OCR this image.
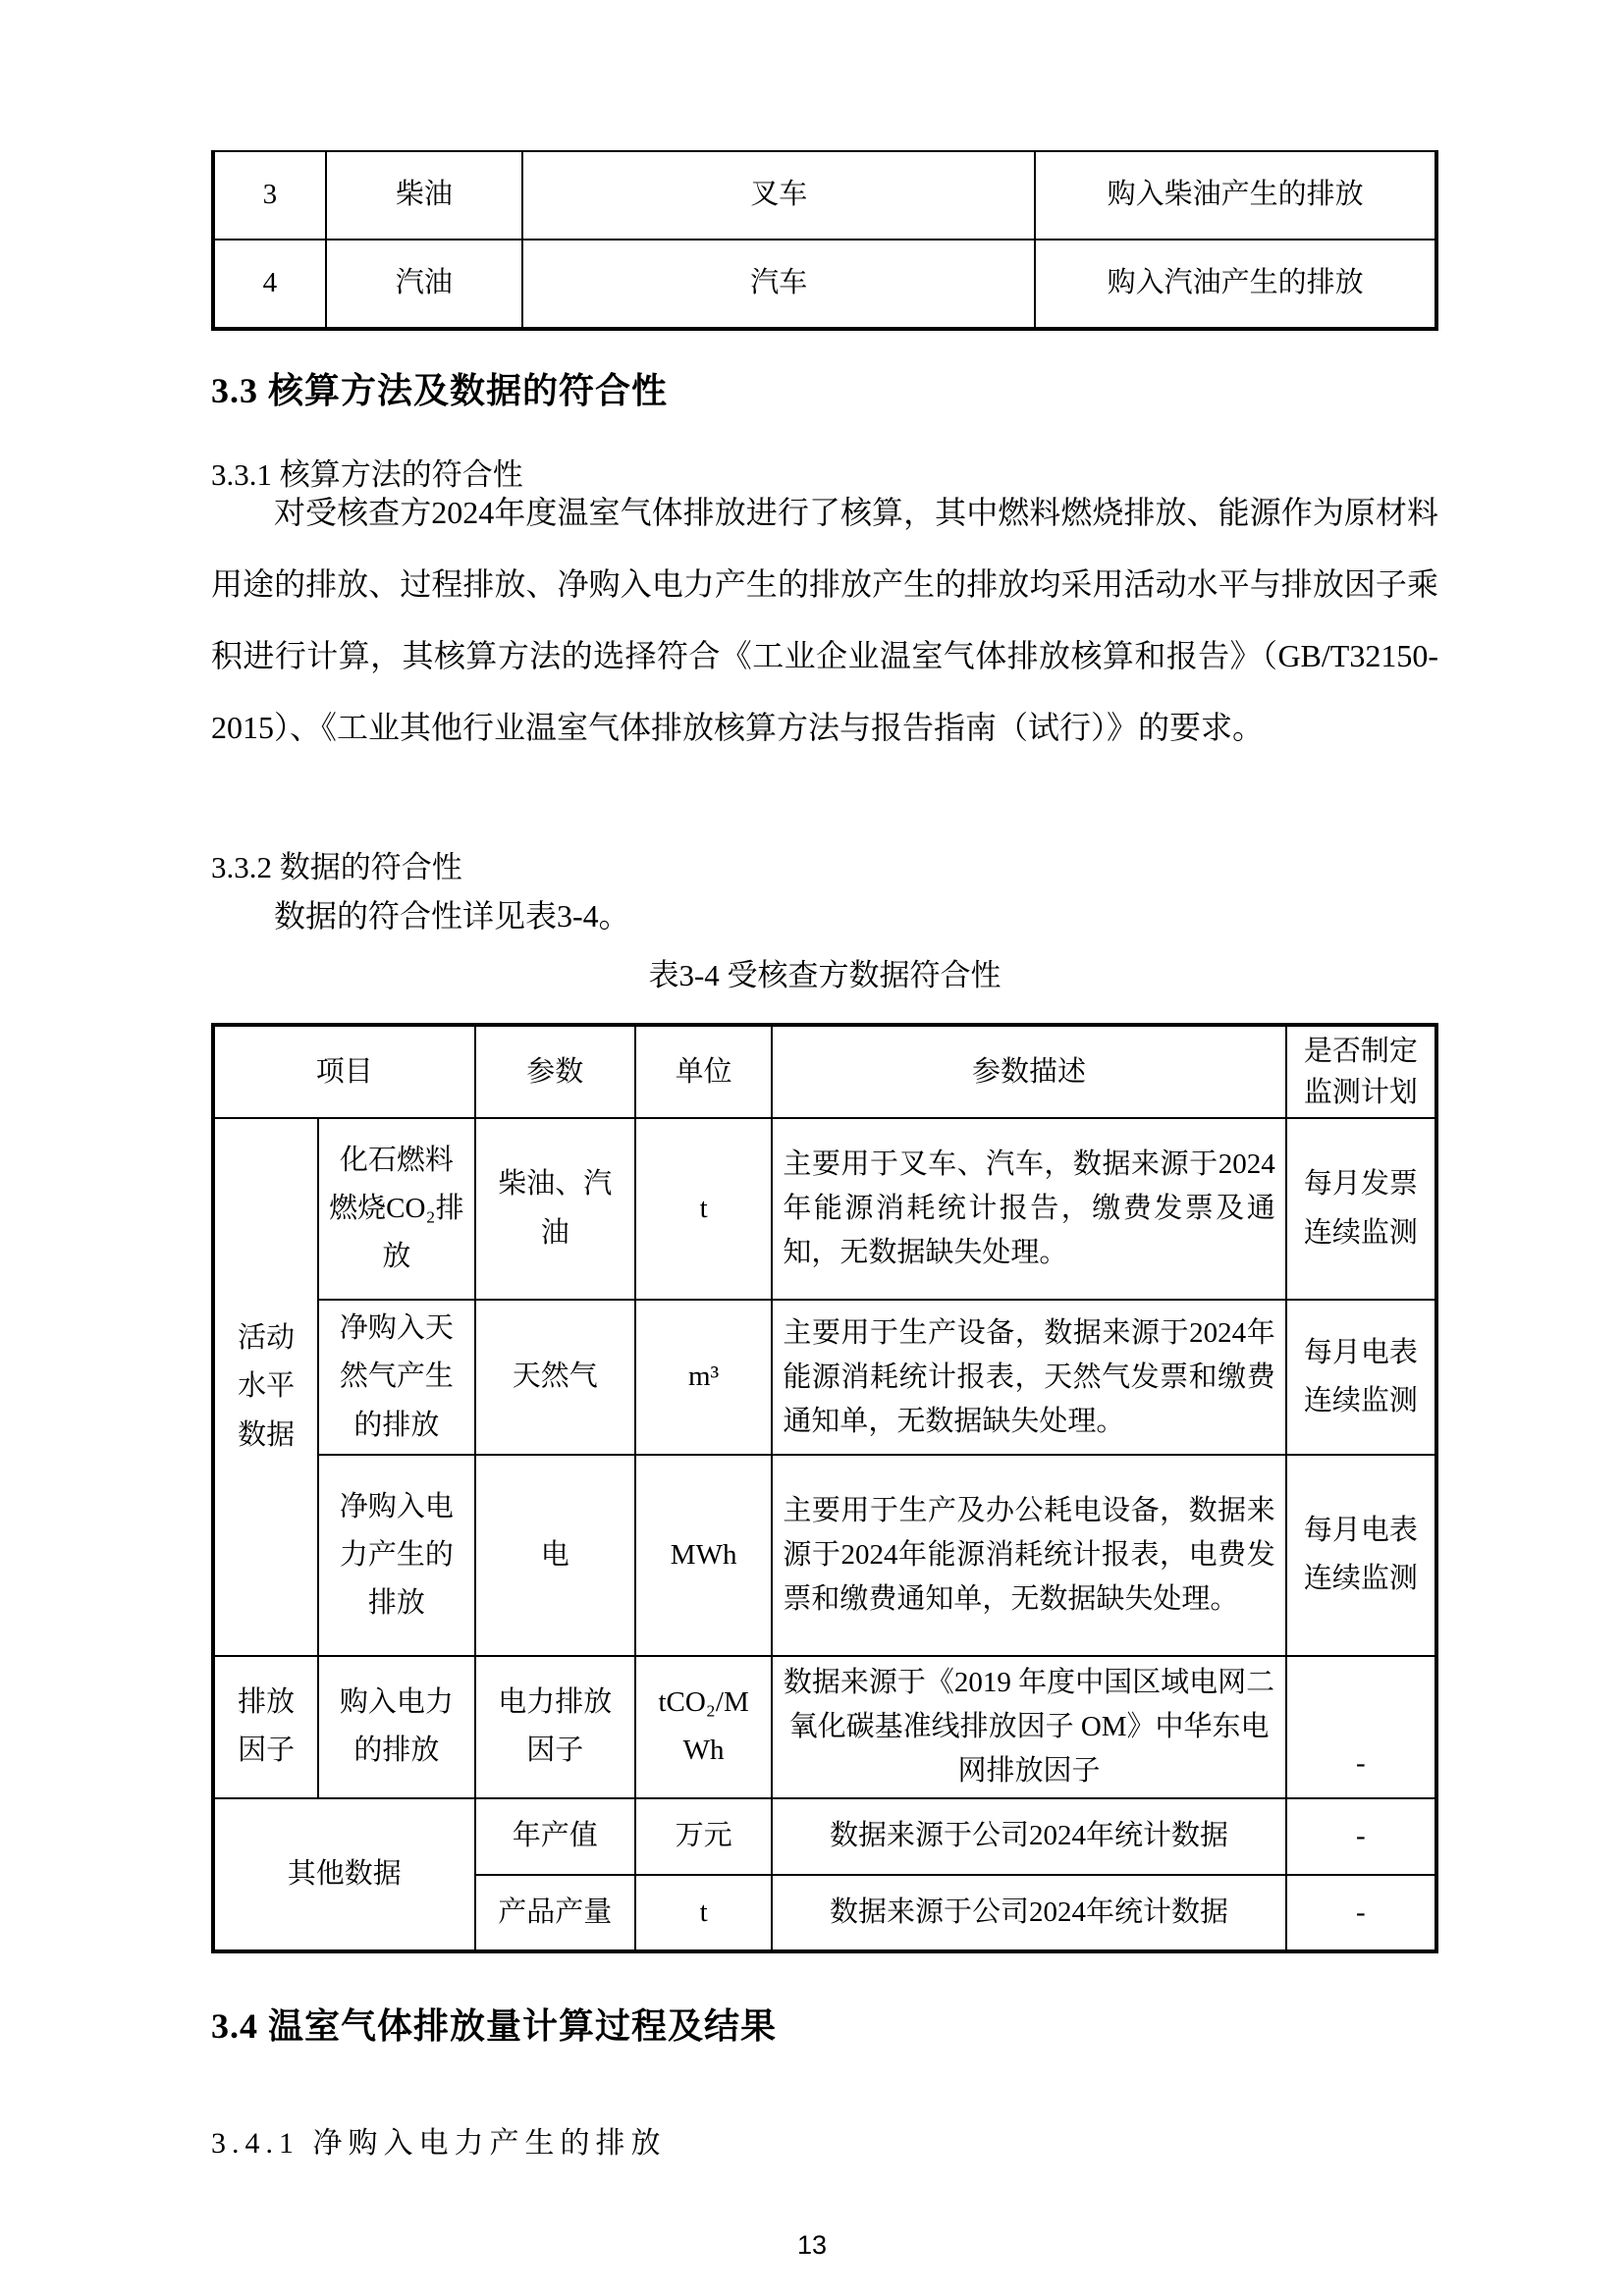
3	柴油	叉车	购入柴油产生的排放
4	汽油	汽车	购入汽油产生的排放
3.3 核算方法及数据的符合性
3.3.1 核算方法的符合性
对受核查方2024年度温室气体排放进行了核算，其中燃料燃烧排放、能源作为原材料用途的排放、过程排放、净购入电力产生的排放产生的排放均采用活动水平与排放因子乘积进行计算，其核算方法的选择符合《工业企业温室气体排放核算和报告》（GB/T32150-2015）、《工业其他行业温室气体排放核算方法与报告指南（试行）》的要求。
3.3.2 数据的符合性
数据的符合性详见表3-4。
表3-4 受核查方数据符合性
项目		参数	单位	参数描述	是否制定监测计划
活动水平数据	化石燃料燃烧CO₂排放	柴油、汽油	t	主要用于叉车、汽车，数据来源于2024年能源消耗统计报告，缴费发票及通知，无数据缺失处理。	每月发票连续监测
	净购入天然气产生的排放	天然气	m³	主要用于生产设备，数据来源于2024年能源消耗统计报表，天然气发票和缴费通知单，无数据缺失处理。	每月电表连续监测
	净购入电力产生的排放	电	MWh	主要用于生产及办公耗电设备，数据来源于2024年能源消耗统计报表，电费发票和缴费通知单，无数据缺失处理。	每月电表连续监测
排放因子	购入电力的排放	电力排放因子	tCO₂/MWh	数据来源于《2019 年度中国区域电网二氧化碳基准线排放因子 OM》中华东电网排放因子	-
其他数据		年产值	万元	数据来源于公司2024年统计数据	-
		产品产量	t	数据来源于公司2024年统计数据	-
3.4 温室气体排放量计算过程及结果
3.4.1 净购入电力产生的排放
13
